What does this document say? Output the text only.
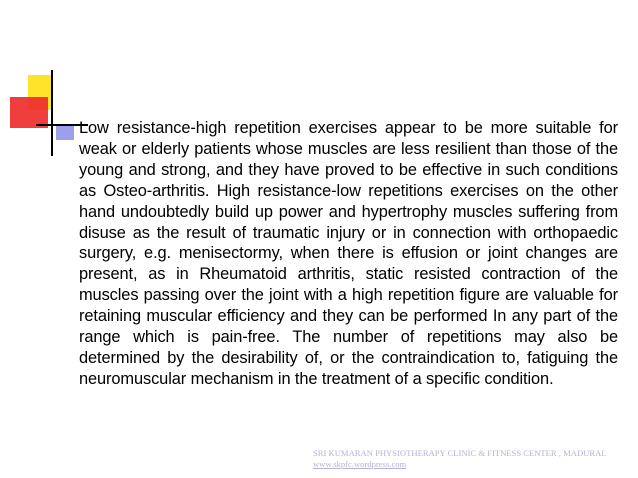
Low resistance-high repetition exercises appear to be more suitable for weak or elderly patients whose muscles are less resilient than those of the young and strong, and they have proved to be effective in such conditions as Osteo-arthritis. High resistance-low repetitions exercises on the other hand undoubtedly build up power and hypertrophy muscles suffering from disuse as the result of traumatic injury or in connection with orthopaedic surgery, e.g. menisectormy, when there is effusion or joint changes are present, as in Rheumatoid arthritis, static resisted contraction of the muscles passing over the joint with a high repetition figure are valuable for retaining muscular efficiency and they can be performed In any part of the range which is pain-free. The number of repetitions may also be determined by the desirability of, or the contraindication to, fatiguing the neuromuscular mechanism in the treatment of a specific condition.

SRI KUMARAN PHYSIOTHERAPY CLINIC & FITNESS CENTER , MADURAI.
www.skpfc.wordpress.com
